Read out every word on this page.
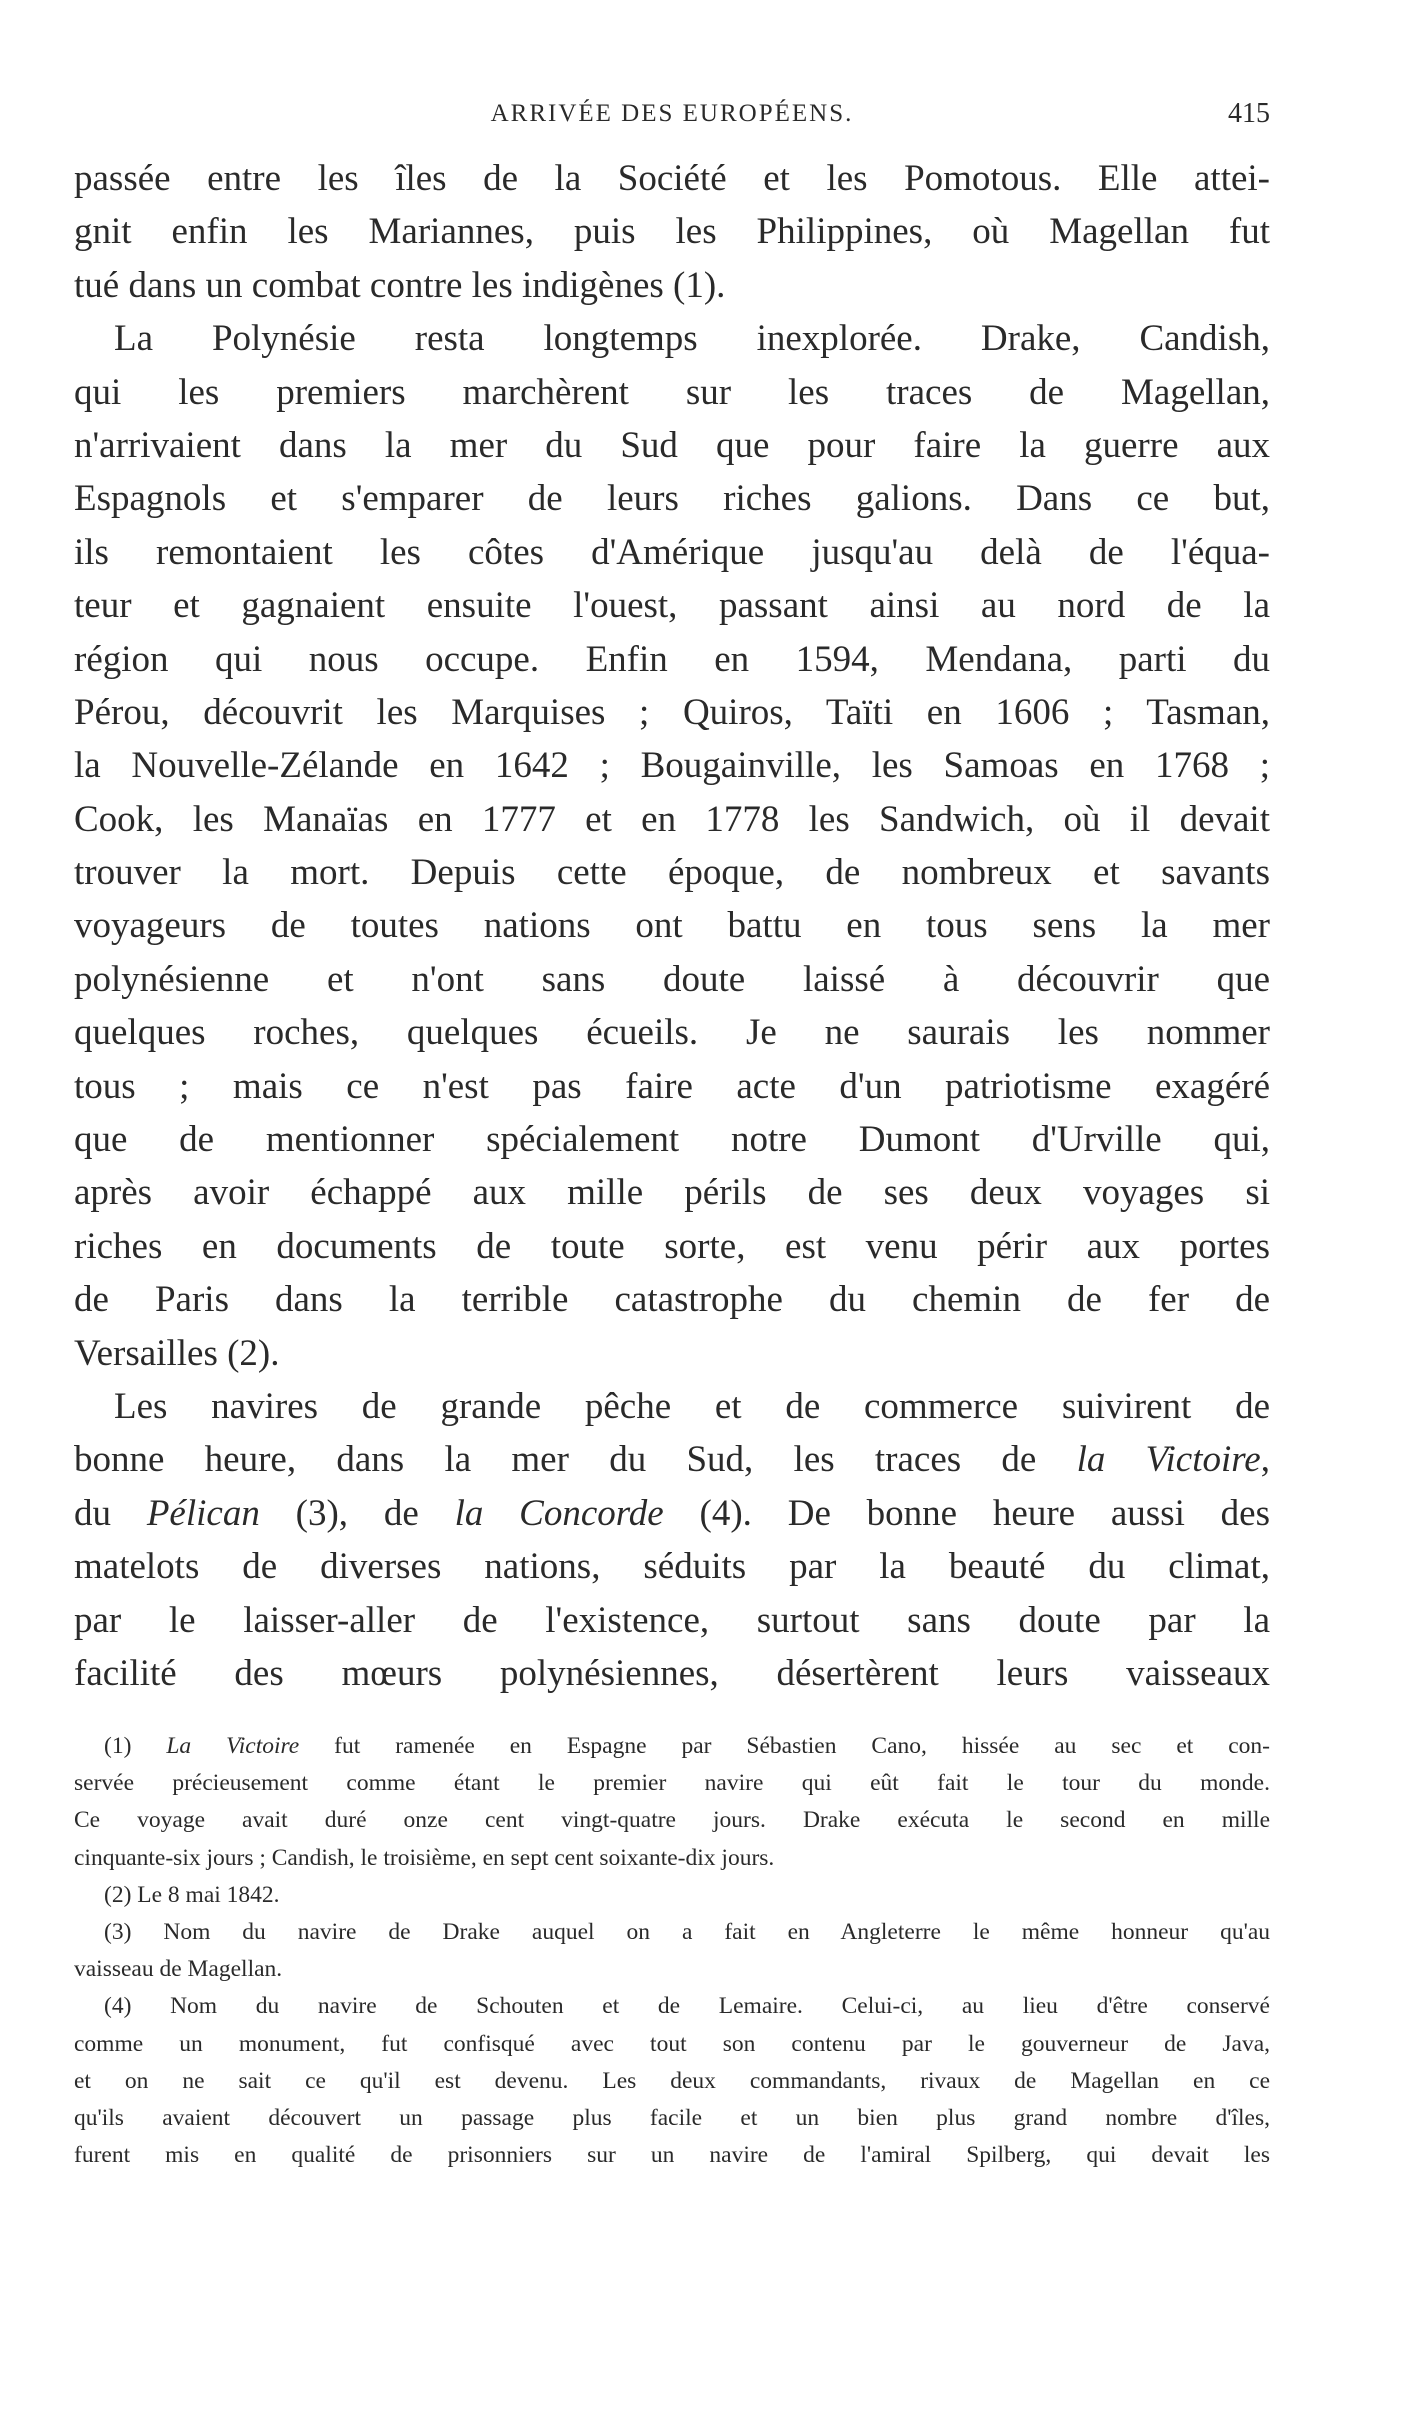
ARRIVÉE DES EUROPÉENS.	415
passée entre les îles de la Société et les Pomotous. Elle attei-
gnit enfin les Mariannes, puis les Philippines, où Magellan fut
tué dans un combat contre les indigènes (1).
La Polynésie resta longtemps inexplorée. Drake, Candish,
qui les premiers marchèrent sur les traces de Magellan,
n'arrivaient dans la mer du Sud que pour faire la guerre aux
Espagnols et s'emparer de leurs riches galions. Dans ce but,
ils remontaient les côtes d'Amérique jusqu'au delà de l'équa-
teur et gagnaient ensuite l'ouest, passant ainsi au nord de la
région qui nous occupe. Enfin en 1594, Mendana, parti du
Pérou, découvrit les Marquises ; Quiros, Taïti en 1606 ; Tasman,
la Nouvelle-Zélande en 1642 ; Bougainville, les Samoas en 1768 ;
Cook, les Manaïas en 1777 et en 1778 les Sandwich, où il devait
trouver la mort. Depuis cette époque, de nombreux et savants
voyageurs de toutes nations ont battu en tous sens la mer
polynésienne et n'ont sans doute laissé à découvrir que
quelques roches, quelques écueils. Je ne saurais les nommer
tous ; mais ce n'est pas faire acte d'un patriotisme exagéré
que de mentionner spécialement notre Dumont d'Urville qui,
après avoir échappé aux mille périls de ses deux voyages si
riches en documents de toute sorte, est venu périr aux portes
de Paris dans la terrible catastrophe du chemin de fer de
Versailles (2).
Les navires de grande pêche et de commerce suivirent de
bonne heure, dans la mer du Sud, les traces de la Victoire,
du Pélican (3), de la Concorde (4). De bonne heure aussi des
matelots de diverses nations, séduits par la beauté du climat,
par le laisser-aller de l'existence, surtout sans doute par la
facilité des mœurs polynésiennes, désertèrent leurs vaisseaux
(1) La Victoire fut ramenée en Espagne par Sébastien Cano, hissée au sec et con-
servée précieusement comme étant le premier navire qui eût fait le tour du monde.
Ce voyage avait duré onze cent vingt-quatre jours. Drake exécuta le second en mille
cinquante-six jours ; Candish, le troisième, en sept cent soixante-dix jours.
(2) Le 8 mai 1842.
(3) Nom du navire de Drake auquel on a fait en Angleterre le même honneur qu'au
vaisseau de Magellan.
(4) Nom du navire de Schouten et de Lemaire. Celui-ci, au lieu d'être conservé
comme un monument, fut confisqué avec tout son contenu par le gouverneur de Java,
et on ne sait ce qu'il est devenu. Les deux commandants, rivaux de Magellan en ce
qu'ils avaient découvert un passage plus facile et un bien plus grand nombre d'îles,
furent mis en qualité de prisonniers sur un navire de l'amiral Spilberg, qui devait les
